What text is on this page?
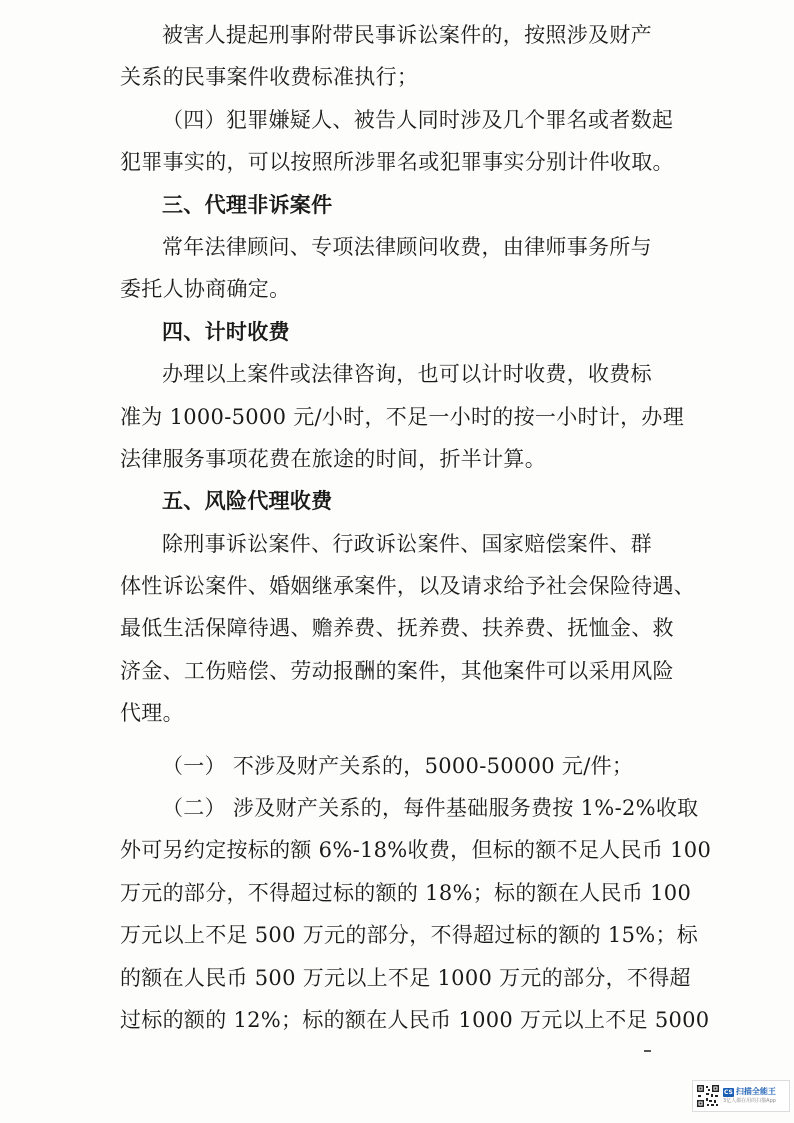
被害人提起刑事附带民事诉讼案件的，按照涉及财产
关系的民事案件收费标准执行；
（四）犯罪嫌疑人、被告人同时涉及几个罪名或者数起
犯罪事实的，可以按照所涉罪名或犯罪事实分别计件收取。
三、代理非诉案件
常年法律顾问、专项法律顾问收费，由律师事务所与
委托人协商确定。
四、计时收费
办理以上案件或法律咨询，也可以计时收费，收费标
准为 1000-5000 元/小时，不足一小时的按一小时计，办理
法律服务事项花费在旅途的时间，折半计算。
五、风险代理收费
除刑事诉讼案件、行政诉讼案件、国家赔偿案件、群
体性诉讼案件、婚姻继承案件，以及请求给予社会保险待遇、
最低生活保障待遇、赡养费、抚养费、扶养费、抚恤金、救
济金、工伤赔偿、劳动报酬的案件，其他案件可以采用风险
代理。
（一） 不涉及财产关系的，5000-50000 元/件；
（二） 涉及财产关系的，每件基础服务费按 1%-2%收取
外可另约定按标的额 6%-18%收费，但标的额不足人民币 100
万元的部分，不得超过标的额的 18%；标的额在人民币 100
万元以上不足 500 万元的部分，不得超过标的额的 15%；标
的额在人民币 500 万元以上不足 1000 万元的部分，不得超
过标的额的 12%；标的额在人民币 1000 万元以上不足 5000
CS 扫描全能王
3亿人都在用的扫描App
